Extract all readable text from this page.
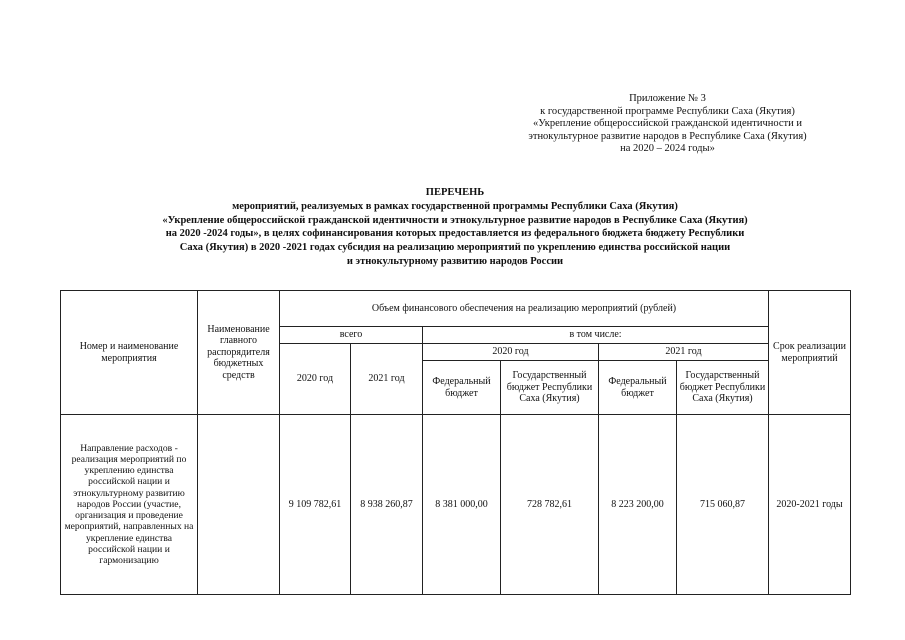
Приложение № 3
к государственной программе Республики Саха (Якутия)
«Укрепление общероссийской гражданской идентичности и
этнокультурное развитие народов в Республике Саха (Якутия)
на 2020 – 2024 годы»
ПЕРЕЧЕНЬ
мероприятий, реализуемых в рамках государственной программы Республики Саха (Якутия)
«Укрепление общероссийской гражданской идентичности и этнокультурное развитие народов в Республике Саха (Якутия)
на 2020 -2024 годы», в целях софинансирования которых предоставляется из федерального бюджета бюджету Республики
Саха (Якутия) в 2020 -2021 годах субсидия на реализацию мероприятий по укреплению единства российской нации
и этнокультурному развитию народов России
Номер и наименование мероприятия	Наименование главного распорядителя бюджетных средств	Объем финансового обеспечения на реализацию мероприятий (рублей)						Срок реализации мероприятий
		всего		в том числе:				
		2020 год	2021 год	2020 год		2021 год		
				Федеральный бюджет	Государственный бюджет Республики Саха (Якутия)	Федеральный бюджет	Государственный бюджет Республики Саха (Якутия)	
Направление расходов - реализация мероприятий по укреплению единства российской нации и этнокультурному развитию народов России (участие, организация и проведение мероприятий, направленных на укрепление единства российской нации и гармонизацию		9 109 782,61	8 938 260,87	8 381 000,00	728 782,61	8 223 200,00	715 060,87	2020-2021 годы
